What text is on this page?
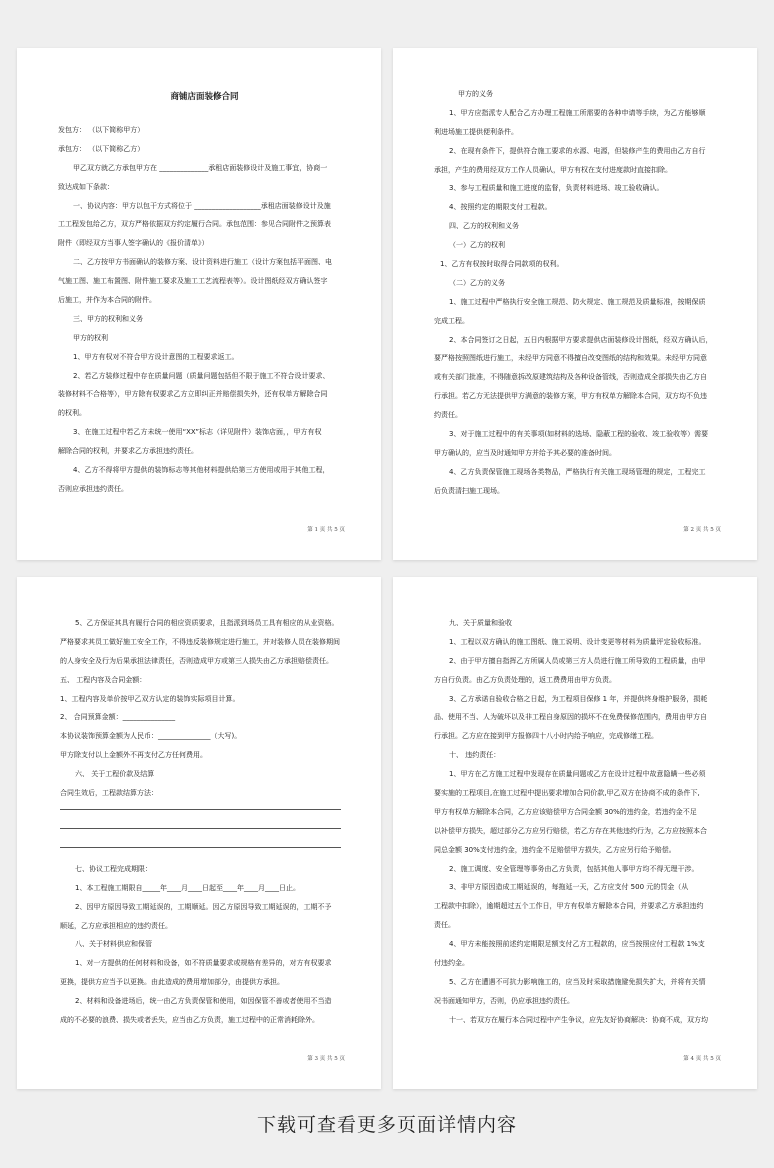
商铺店面装修合同
发包方： （以下简称甲方）
承包方： （以下简称乙方）
甲乙双方就乙方承包甲方在 ______________承租店面装修设计及施工事宜，协商一
致达成如下条款：
一、协议内容：甲方以包干方式将位于 ___________________承租店面装修设计及施
工工程发包给乙方，双方严格依据双方约定履行合同。承包范围：参见合同附件之预算表
附件（即经双方当事人签字确认的《报价清单》）
二、乙方按甲方书面确认的装修方案、设计资料进行施工（设计方案包括平面图、电
气施工图、施工布置图、附件施工要求及施工工艺流程表等）。设计图纸经双方确认签字
后施工，并作为本合同的附件。
三、甲方的权利和义务
甲方的权利
1、甲方有权对不符合甲方设计意图的工程要求返工。
2、若乙方装修过程中存在质量问题（质量问题包括但不限于施工不符合设计要求、
装修材料不合格等），甲方除有权要求乙方立即纠正并赔偿损失外，还有权单方解除合同
的权利。
3、在施工过程中若乙方未统一使用“XX”标志（详见附件）装饰店面，，甲方有权
解除合同的权利，并要求乙方承担违约责任。
4、乙方不得将甲方提供的装饰标志等其他材料提供给第三方使用或用于其他工程，
否则应承担违约责任。
第 1 页 共 5 页
甲方的义务
1、甲方应指派专人配合乙方办理工程施工所需要的各种申请等手续，为乙方能够顺
利进场施工提供便利条件。
2、在现有条件下，提供符合施工要求的水源、电源，但装修产生的费用由乙方自行
承担，产生的费用经双方工作人员确认，甲方有权在支付进度款时直接扣除。
3、参与工程质量和施工进度的监督，负责材料进场、竣工验收确认。
4、按照约定的期限支付工程款。
四、乙方的权利和义务
（一）乙方的权利
1、乙方有权按时取得合同款项的权利。
（二）乙方的义务
1、施工过程中严格执行安全施工规范、防火规定、施工规范及质量标准，按期保质
完成工程。
2、本合同签订之日起，五日内根据甲方要求提供店面装修设计图纸，经双方确认后，
要严格按照图纸进行施工，未经甲方同意不得擅自改变图纸的结构和效果。未经甲方同意
或有关部门批准，不得随意拆改原建筑结构及各种设备管线，否则造成全部损失由乙方自
行承担。若乙方无法提供甲方满意的装修方案，甲方有权单方解除本合同，双方均不负违
约责任。
3、对于施工过程中的有关事项(如材料的选场、隐蔽工程的验收、竣工验收等）需要
甲方确认的，应当及时通知甲方并给予其必要的准备时间。
4、乙方负责保管施工现场各类物品，严格执行有关施工现场管理的规定，工程完工
后负责清扫施工现场。
第 2 页 共 5 页
5、乙方保证其具有履行合同的相应资质要求，且指派到场员工具有相应的从业资格。
严格要求其员工做好施工安全工作，不得违反装修规定进行施工，并对装修人员在装修期间
的人身安全及行为后果承担法律责任，否则造成甲方或第三人损失由乙方承担赔偿责任。
五、 工程内容及合同金额：
1、工程内容及单价按甲乙双方认定的装饰实际项目计算。
2、 合同预算金额：_______________
本协议装饰预算金额为人民币：_______________（大写)。
甲方除支付以上金额外不再支付乙方任何费用。
六、 关于工程价款及结算
合同生效后，工程款结算方法：
七、协议工程完成期限：
1、本工程施工期限自_____年____月____日起至____年____月____日止。
2、因甲方原因导致工期延误的，工期顺延。因乙方原因导致工期延误的，工期不予
顺延，乙方应承担相应的违约责任。
八、关于材料供应和保管
1、对一方提供的任何材料和设备，如不符质量要求或规格有差异的，对方有权要求
更换，提供方应当予以更换。由此造成的费用增加部分，由提供方承担。
2、材料和设备进场后，统一由乙方负责保管和使用，如因保管不善或者使用不当造
成的不必要的浪费、损失或者丢失，应当由乙方负责，施工过程中的正常消耗除外。
第 3 页 共 5 页
九、关于质量和验收
1、工程以双方确认的施工图纸、施工说明、设计变更等材料为质量评定验收标准。
2、由于甲方擅自指挥乙方所属人员或第三方人员进行施工所导致的工程质量，由甲
方自行负责。由乙方负责处理的，返工费费用由甲方负责。
3、乙方承诺自验收合格之日起，为工程项目保修 1 年，并提供终身维护服务，损耗
品、使用不当、人为破坏以及非工程自身原因的损坏不在免费保修范围内，费用由甲方自
行承担。乙方应在接到甲方报修四十八小时内给予响应，完成修缮工程。
十、 违约责任：
1、甲方在乙方施工过程中发现存在质量问题或乙方在设计过程中故意隐瞒一些必须
要实施的工程项目,在施工过程中提出要求增加合同价款,甲乙双方在协商不成的条件下,
甲方有权单方解除本合同，乙方应该赔偿甲方合同金额 30%的违约金，若违约金不足
以补偿甲方损失，超过部分乙方应另行赔偿，若乙方存在其他违约行为，乙方应按照本合
同总金额 30%支付违约金，违约金不足赔偿甲方损失，乙方应另行给予赔偿。
2、施工调度、安全管理等事务由乙方负责，包括其他人事甲方均不得无理干涉。
3、非甲方原因造成工期延误的，每拖延一天，乙方应支付 500 元的罚金（从
工程款中扣除），逾期超过五个工作日，甲方有权单方解除本合同，并要求乙方承担违约
责任。
4、甲方未能按照前述约定期限足额支付乙方工程款的，应当按照应付工程款 1%支
付违约金。
5、乙方在遭遇不可抗力影响施工的，应当及时采取措施避免损失扩大，并将有关情
况书面通知甲方，否则，仍应承担违约责任。
十一、若双方在履行本合同过程中产生争议，应先友好协商解决：协商不成，双方均
第 4 页 共 5 页
下载可查看更多页面详情内容
